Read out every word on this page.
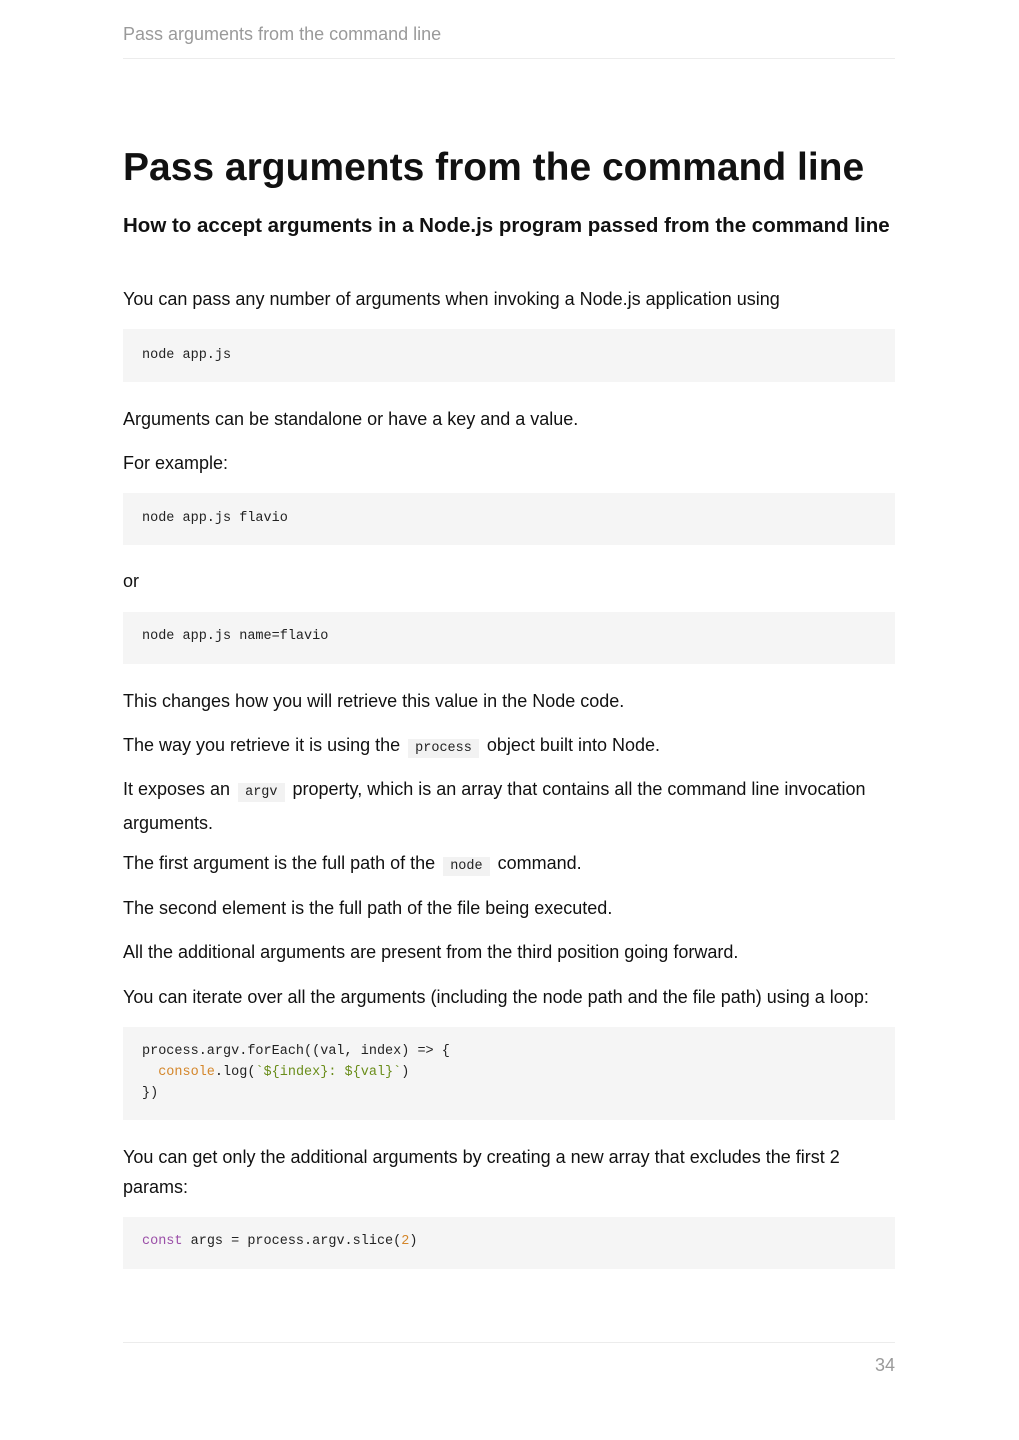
Pass arguments from the command line
Pass arguments from the command line
How to accept arguments in a Node.js program passed from the command line

You can pass any number of arguments when invoking a Node.js application using

node app.js

Arguments can be standalone or have a key and a value.

For example:

node app.js flavio

or

node app.js name=flavio

This changes how you will retrieve this value in the Node code.

The way you retrieve it is using the process object built into Node.

It exposes an argv property, which is an array that contains all the command line invocation arguments.

The first argument is the full path of the node command.

The second element is the full path of the file being executed.

All the additional arguments are present from the third position going forward.

You can iterate over all the arguments (including the node path and the file path) using a loop:

process.argv.forEach((val, index) => {
console.log(`${index}: ${val}`)
})

You can get only the additional arguments by creating a new array that excludes the first 2 params:

const args = process.argv.slice(2)
34
